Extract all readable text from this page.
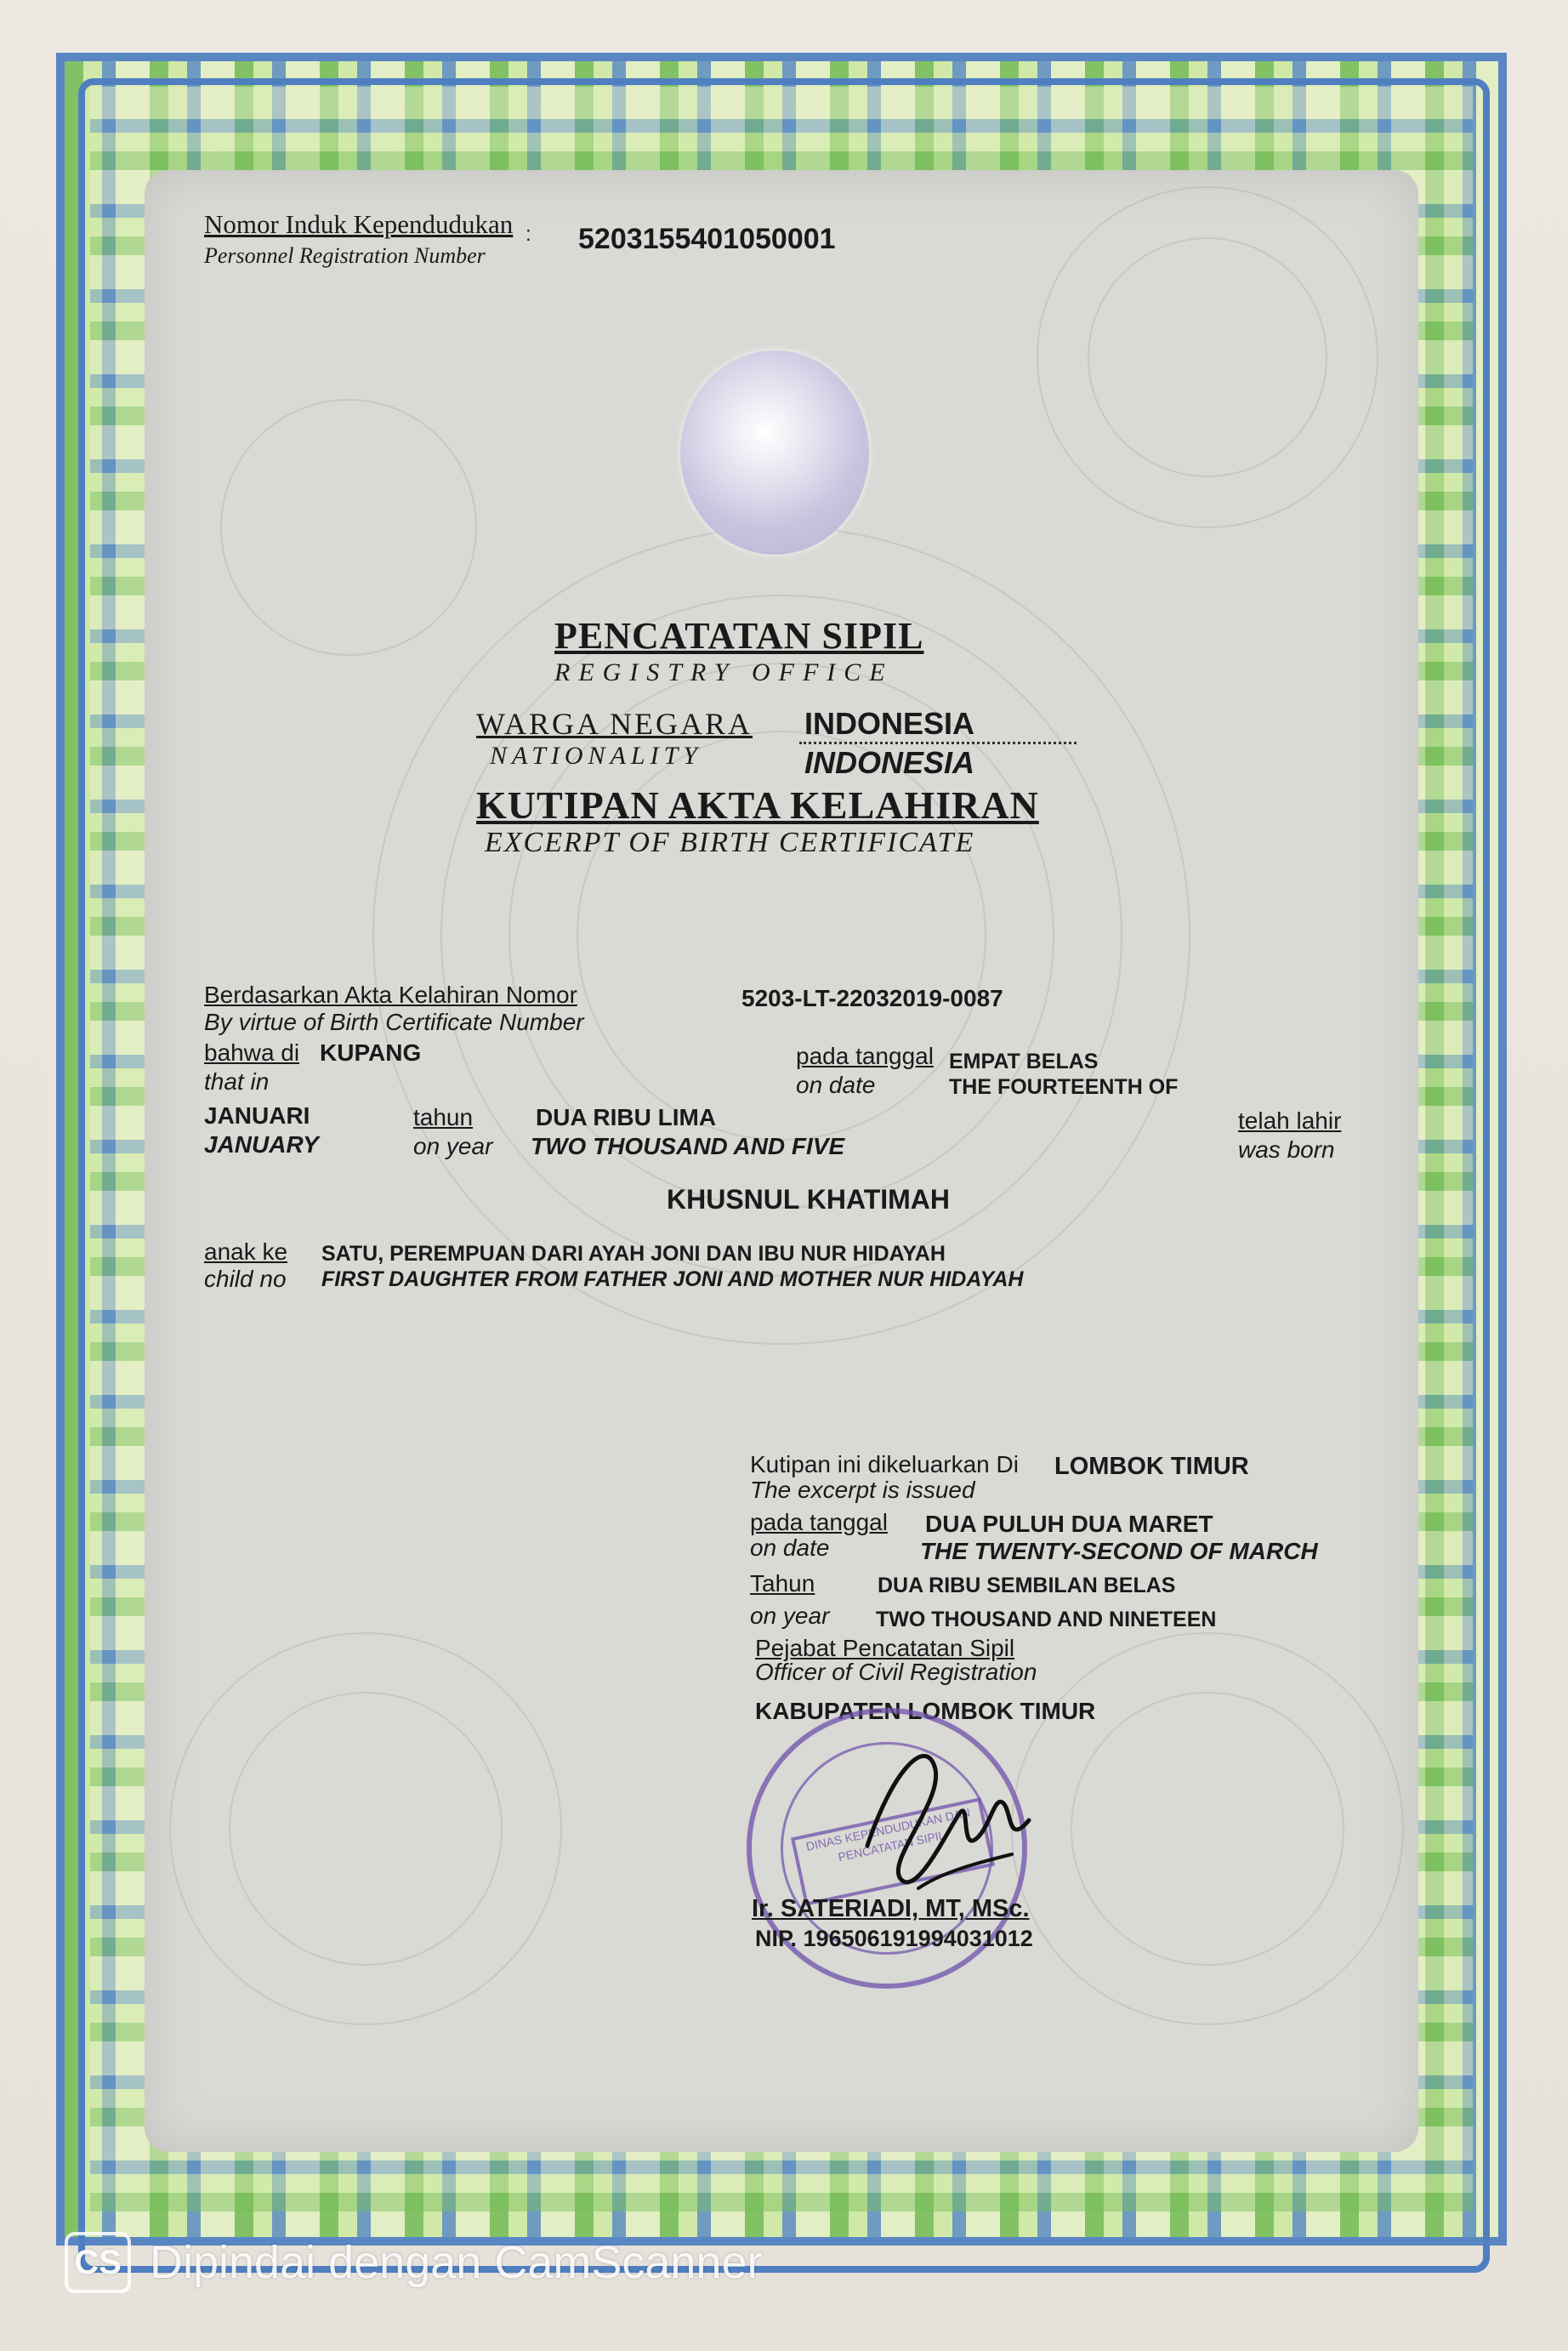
Nomor Induk Kependudukan
Personnel Registration Number
: 5203155401050001
PENCATATAN SIPIL
REGISTRY OFFICE
WARGA NEGARA
NATIONALITY
INDONESIA
INDONESIA
KUTIPAN AKTA KELAHIRAN
EXCERPT OF BIRTH CERTIFICATE
Berdasarkan Akta Kelahiran Nomor
By virtue of Birth Certificate Number
5203-LT-22032019-0087
bahwa di KUPANG
that in
pada tanggal
on date
EMPAT BELAS
THE FOURTEENTH OF
JANUARI
JANUARY
tahun
on year
DUA RIBU LIMA
TWO THOUSAND AND FIVE
telah lahir
was born
KHUSNUL KHATIMAH
anak ke
child no
SATU, PEREMPUAN DARI AYAH JONI DAN IBU NUR HIDAYAH
FIRST DAUGHTER FROM FATHER JONI AND MOTHER NUR HIDAYAH
Kutipan ini dikeluarkan Di
The excerpt is issued
LOMBOK TIMUR
pada tanggal
on date
DUA PULUH DUA MARET
THE TWENTY-SECOND OF MARCH
Tahun	DUA RIBU SEMBILAN BELAS
on year TWO THOUSAND AND NINETEEN
Pejabat Pencatatan Sipil
Officer of Civil Registration
KABUPATEN LOMBOK TIMUR
DINAS KEPENDUDUKAN DAN PENCATATAN SIPIL
Ir. SATERIADI, MT, MSc.
NIP. 196506191994031012
CS Dipindai dengan CamScanner
